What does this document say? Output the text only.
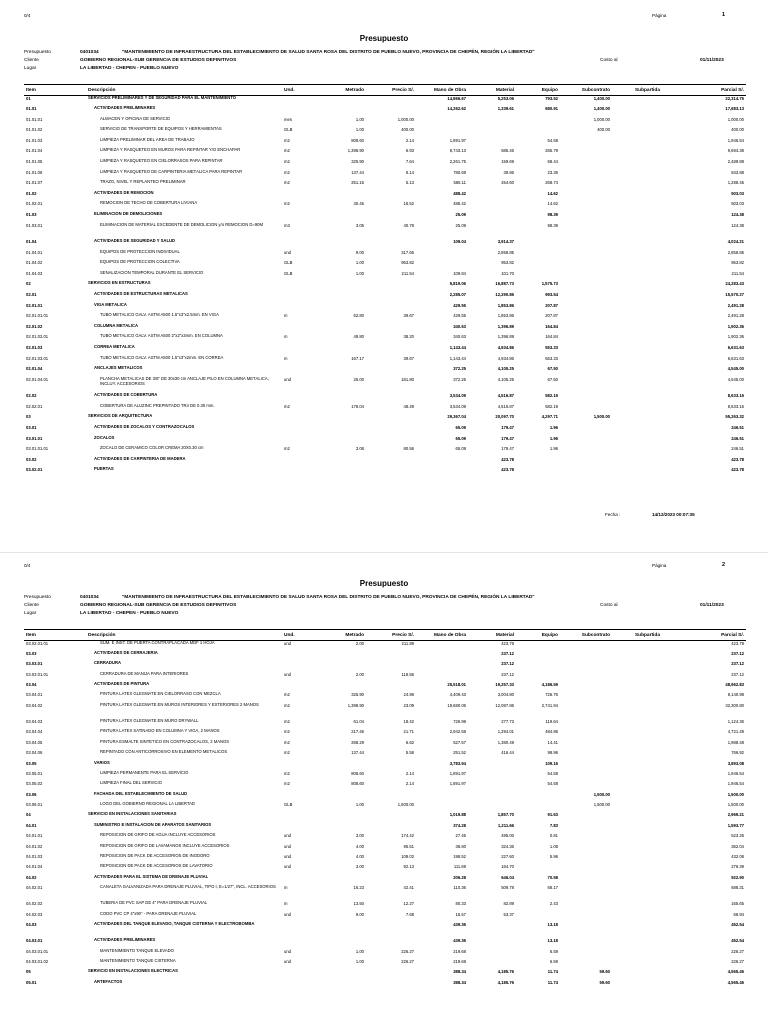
0/4	Página	1
Presupuesto
Presupuesto	0401034	"MANTENIMIENTO DE INFRAESTRUCTURA DEL ESTABLECIMIENTO DE SALUD SANTA ROSA DEL DISTRITO DE PUEBLO NUEVO, PROVINCIA DE CHEPÉN, REGIÓN LA LIBERTAD"
Cliente	GOBIERNO REGIONAL-SUB GERENCIA DE ESTUDIOS DEFINITIVOS	Costo al	01/11/2023
Lugar	LA LIBERTAD - CHEPEN - PUEBLO NUEVO
Item	Descripción	Und.	Metrado	Precio S/.	Mano de Obra	Material	Equipo	Subcontrato	Subpartida	Parcial S/.
01	SERVICIOS PRELIMINARES Y DE SEGURIDAD PARA EL MANTENIMIENTO				14,866.67	5,253.06	793.52	1,400.00		22,314.75
01.01	ACTIVIDADES PRELIMINARES				14,262.62	1,339.61	680.91	1,400.00		17,683.13
01.01.01	ALMACEN Y OFICINA DE SERVICIO	mes	1.00	1,000.00				1,000.00		1,000.00
01.01.02	SERVICIO DE TRANSPORTE DE EQUIPOS Y HERRAMIENTAS	GLB	1.00	400.00				400.00		400.00
01.01.03	LIMPIEZA PRELIMINAR DEL ÁREA DE TRABAJO	m2	808.60	2.14	1,891.97		54.58			1,946.54
01.01.04	LIMPIEZA Y RASQUETEO EN MUROS PARA REPINTAR Y/O ENCHAPAR	m2	1,398.90	6.93	8,743.13	685.46	265.79			9,694.38
01.01.05	LIMPIEZA Y RASQUETEO EN CIELORRASOS PARA REPINTAR	m2	325.90	7.64	2,261.75	159.69	68.44			2,489.88
01.01.06	LIMPIEZA Y RASQUETEO DE CARPINTERÍA METÁLICA PARA REPINTAR	m2	137.44	6.14	780.68	39.86	23.36			843.88
01.01.07	TRAZO, NIVEL Y REPLANTEO PRELIMINAR	m2	251.16	5.13	585.11	454.60	268.74			1,288.45
01.02	ACTIVIDADES DE REMOCIÓN				488.42		14.62			503.03
01.02.01	REMOCIÓN DE TECHO DE COBERTURA LIVIANA	m2	30.45	16.52	488.42		14.62			503.03
01.03	ELIMINACIÓN DE DEMOLICIONES				25.09		98.39			124.38
01.03.01	ELIMINACIÓN DE MATERIAL EXCEDENTE DE DEMOLICION y/o REMOCIÓN D=90M	m3	3.05	40.78	25.09		98.39			124.38
01.04	ACTIVIDADES DE SEGURIDAD Y SALUD				109.04	3,914.37				4,024.21
01.04.01	EQUIPOS DE PROTECCION INDIVIDUAL	und	9.00	317.65		2,858.85				2,858.85
01.04.02	EQUIPOS DE PROTECCIÓN COLECTIVA	GLB	1.00	953.82		953.82				953.82
01.04.03	SEÑALIZACIÓN TEMPORAL DURANTE EL SERVICIO	GLB	1.00	211.54	109.84	101.70				211.54
02	SERVICIOS EN ESTRUCTURAS				5,819.06	16,887.73	1,575.73			24,283.43
02.01	ACTIVIDADES DE ESTRUCTURAS METÁLICAS				2,285.07	12,290.86	993.54			15,570.27
02.01.01	VIGA METÁLICA				429.55	1,853.86	207.87			2,491.28
02.01.01.01	TUBO METÁLICO GALV. ASTM A500 1.5"x3"x2.5mm. EN VIGA	m	62.80	39.67	429.55	1,853.86	207.87			2,491.28
02.01.02	COLUMNA METÁLICA				340.63	1,396.89	164.84			1,902.36
02.01.02.01	TUBO METÁLICO GALV. ASTM A500 2"x2"x3mm. EN COLUMNA	m	49.80	38.20	340.63	1,396.89	164.84			1,902.36
02.01.03	CORREA METÁLICA				1,143.44	4,934.86	553.33			6,631.63
02.01.03.01	TUBO METÁLICO GALV. ASTM A500 1.5"x3"x2mm. EN CORREA	m	167.17	39.67	1,143.44	4,934.86	553.33			6,631.63
02.01.04	ANCLAJES METÁLICOS				372.25	4,105.25	67.50			4,545.00
02.01.04.01	PLANCHA METÁLICAS DE 3/8" DE 30x30 cm ANCLAJE P/LO EN COLUMNA METÁLICA, INCLUY. ACCESORIOS	und	25.00	181.80	372.25	4,105.25	67.50			4,545.00
02.02	ACTIVIDADES DE COBERTURA				3,534.09	4,516.87	582.19			8,633.16
02.02.01	COBERTURA DE ALUZINC PREPINTADO TR4 DE 0.30 mm.	m2	178.04	48.49	3,534.09	4,516.87	582.19			8,633.16
03	SERVICIOS DE ARQUITECTURA				29,367.04	20,097.70	4,297.71	1,500.00		55,263.32
03.01	ACTIVIDADES DE ZÓCALOS Y CONTRAZÓCALOS				65.09	179.47	1.96			246.51
03.01.01	ZÓCALOS				65.09	179.47	1.96			246.51
03.01.01.01	ZÓCALO DE CERÁMICO COLOR CREMA 20X0.30 cm	m2	3.06	80.56	65.09	179.47	1.96			246.51
03.02	ACTIVIDADES DE CARPINTERÍA DE MADERA					423.78				423.78
03.02.01	PUERTAS					423.78				423.78
Fecha :	14/12/2023 00:07:35
0/4	Página	2
Presupuesto
Presupuesto	0401034	"MANTENIMIENTO DE INFRAESTRUCTURA DEL ESTABLECIMIENTO DE SALUD SANTA ROSA DEL DISTRITO DE PUEBLO NUEVO, PROVINCIA DE CHEPÉN, REGIÓN LA LIBERTAD"
Cliente	GOBIERNO REGIONAL-SUB GERENCIA DE ESTUDIOS DEFINITIVOS	Costo al	01/11/2023
Lugar	LA LIBERTAD - CHEPEN - PUEBLO NUEVO
Item	Descripción	Und.	Metrado	Precio S/.	Mano de Obra	Material	Equipo	Subcontrato	Subpartida	Parcial S/.
03.02.01.01	SUM. E INST. DE PUERTA CONTRAPLACADA MDF 1 HOJA	und	2.00	211.89		423.78				423.78
03.03	ACTIVIDADES DE CERRAJERÍA					237.12				237.12
03.03.01	CERRADURA					237.12				237.12
03.03.01.01	CERRADURA DE MANIJA PARA INTERIORES	und	2.00	118.56		237.12				237.12
03.04	ACTIVIDADES DE PINTURA				25,518.01	19,257.33	4,186.59			48,962.83
03.04.01	PINTURA LATEX GLEGMATE EN CIELORRASO CON MEZCLA	m2	325.90	24.98	4,409.43	3,004.80	726.76			8,140.98
03.04.02	PINTURA LATEX GLEGMATE EN MUROS INTERIORES Y EXTERIORES 2 MANOS	m2	1,398.90	23.09	19,680.06	12,087.86	2,741.94			32,300.80
03.04.03	PINTURA LATEX GLEGMATE EN MURO DRYWALL	m2	61.04	18.42	726.99	277.73	119.64			1,124.36
03.04.04	PINTURA LATEX SATINADO EN COLUMNA Y VIGA, 2 MANOS	m2	217.46	21.71	2,942.58	1,294.01	484.86			4,721.49
03.04.05	PINTURA ESMALTE SINTETICO EN CONTRAZOCALOS, 2 MANOS	m2	268.29	6.62	527.57	1,380.49	14.41			1,988.48
03.04.06	REPINTADO CON ANTICORROSIVO EN ELEMENTO METÁLICOS	m2	137.44	5.58	251.52	416.44	98.96			766.92
03.05	VARIOS				3,783.94		109.16			3,893.08
03.05.01	LIMPIEZA PERMANENTE PARA EL SERVICIO	m2	808.60	2.14	1,891.97		54.58			1,946.54
03.05.02	LIMPIEZA FINAL DEL SERVICIO	m2	808.60	2.14	1,891.97		54.58			1,946.54
03.06	FACHADA DEL ESTABLECIMIENTO DE SALUD							1,500.00		1,500.00
03.06.01	LOGO DEL GOBIERNO REGIONAL LA LIBERTAD	GLB	1.00	1,500.00				1,500.00		1,500.00
04	SERVICIO EN INSTALACIONES SANITARIAS				1,019.88	1,857.70	91.63			2,969.21
04.01	SUMINISTRO E INSTALACION DE APARATOS SANITARIOS				374.28	1,211.66	7.83			1,593.77
04.01.01	REPOSICIÓN DE GRIFO DE AGUA INCLUYE ACCESORIOS	und	3.00	174.42	27.45	495.00	0.81			523.26
04.01.02	REPOSICIÓN DE GRIFO DE LAVAMANOS INCLUYE ACCESORIOS	und	4.00	95.51	36.60	324.36	1.08			362.04
04.01.03	REPOSICIÓN DE PACK DE ACCESORIOS DE INODORO	und	4.00	108.02	198.52	227.60	5.96			432.08
04.01.04	REPOSICIÓN DE PACK DE ACCESORIOS DE LAVATORIO	und	3.00	92.13	111.69	164.70				276.39
04.02	ACTIVIDADES PARA EL SISTEMA DE DRENAJE PLUVIAL				206.28	646.04	70.58			922.90
04.02.01	CANALETA GALVANIZADA PARA DRENAJE PLUVIAL, TIPO I, E=1/27", INCL. ACCESORIOS	m	16.23	42.41	110.36	509.78	68.17			688.31
04.02.02	TUBERIA DE PVC SAP DE 4" PARA DRENAJE PLUVIAL	m	13.50	12.27	80.33	82.89	2.43			165.65
04.02.03	CODO PVC CP 4"x90° - PARA DRENAJE PLUVIAL	und	9.00	7.68	15.57	53.37				68.94
04.03	ACTIVIDADES DEL TANQUE ELEVADO, TANQUE CISTERNA Y ELECTROBOMBA				439.36		13.18			452.54
04.03.01	ACTIVIDADES PRELIMINARES				439.36		13.18			452.54
04.03.01.01	MANTENIMIENTO TANQUE ELEVADO	und	1.00	226.27	219.68		6.59			226.27
04.03.01.02	MANTENIMIENTO TANQUE CISTERNA	und	1.00	226.27	219.68		6.59			226.27
05	SERVICIO EN INSTALACIONES ELÉCTRICAS				388.34	4,185.76	11.74	59.60		4,565.46
05.01	ARTEFACTOS				388.34	4,185.76	11.74	59.60		4,565.46
